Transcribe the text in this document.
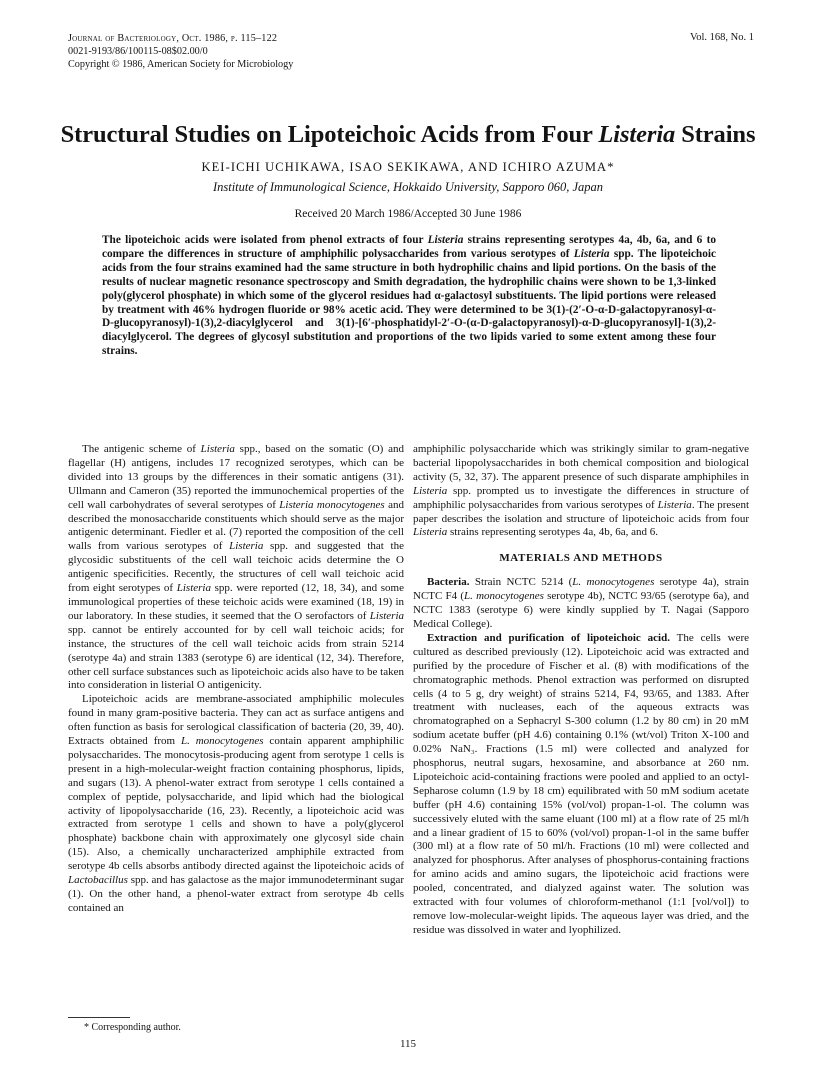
Journal of Bacteriology, Oct. 1986, p. 115–122
0021-9193/86/100115-08$02.00/0
Copyright © 1986, American Society for Microbiology
Vol. 168, No. 1
Structural Studies on Lipoteichoic Acids from Four Listeria Strains
KEI-ICHI UCHIKAWA, ISAO SEKIKAWA, AND ICHIRO AZUMA*
Institute of Immunological Science, Hokkaido University, Sapporo 060, Japan
Received 20 March 1986/Accepted 30 June 1986
The lipoteichoic acids were isolated from phenol extracts of four Listeria strains representing serotypes 4a, 4b, 6a, and 6 to compare the differences in structure of amphiphilic polysaccharides from various serotypes of Listeria spp. The lipoteichoic acids from the four strains examined had the same structure in both hydrophilic chains and lipid portions. On the basis of the results of nuclear magnetic resonance spectroscopy and Smith degradation, the hydrophilic chains were shown to be 1,3-linked poly(glycerol phosphate) in which some of the glycerol residues had α-galactosyl substituents. The lipid portions were released by treatment with 46% hydrogen fluoride or 98% acetic acid. They were determined to be 3(1)-(2′-O-α-D-galactopyranosyl-α-D-glucopyranosyl)-1(3),2-diacylglycerol and 3(1)-[6′-phosphatidyl-2′-O-(α-D-galactopyranosyl)-α-D-glucopyranosyl]-1(3),2-diacylglycerol. The degrees of glycosyl substitution and proportions of the two lipids varied to some extent among these four strains.

The antigenic scheme of Listeria spp., based on the somatic (O) and flagellar (H) antigens, includes 17 recognized serotypes, which can be divided into 13 groups by the differences in their somatic antigens (31). Ullmann and Cameron (35) reported the immunochemical properties of the cell wall carbohydrates of several serotypes of Listeria monocytogenes and described the monosaccharide constituents which should serve as the major antigenic determinant. Fiedler et al. (7) reported the composition of the cell walls from various serotypes of Listeria spp. and suggested that the glycosidic substituents of the cell wall teichoic acids determine the O antigenic specificities. Recently, the structures of cell wall teichoic acid from eight serotypes of Listeria spp. were reported (12, 18, 34), and some immunological properties of these teichoic acids were examined (18, 19) in our laboratory. In these studies, it seemed that the O serofactors of Listeria spp. cannot be entirely accounted for by cell wall teichoic acids; for instance, the structures of the cell wall teichoic acids from strain 5214 (serotype 4a) and strain 1383 (serotype 6) are identical (12, 34). Therefore, other cell surface substances such as lipoteichoic acids also have to be taken into consideration in listerial O antigenicity.

Lipoteichoic acids are membrane-associated amphiphilic molecules found in many gram-positive bacteria. They can act as surface antigens and often function as basis for serological classification of bacteria (20, 39, 40). Extracts obtained from L. monocytogenes contain apparent amphiphilic polysaccharides. The monocytosis-producing agent from serotype 1 cells is present in a high-molecular-weight fraction containing phosphorus, lipids, and sugars (13). A phenol-water extract from serotype 1 cells contained a complex of peptide, polysaccharide, and lipid which had the biological activity of lipopolysaccharide (16, 23). Recently, a lipoteichoic acid was extracted from serotype 1 cells and shown to have a poly(glycerol phosphate) backbone chain with approximately one glycosyl side chain (15). Also, a chemically uncharacterized amphiphile extracted from serotype 4b cells absorbs antibody directed against the lipoteichoic acids of Lactobacillus spp. and has galactose as the major immunodeterminant sugar (1). On the other hand, a phenol-water extract from serotype 4b cells contained an

amphiphilic polysaccharide which was strikingly similar to gram-negative bacterial lipopolysaccharides in both chemical composition and biological activity (5, 32, 37). The apparent presence of such disparate amphiphiles in Listeria spp. prompted us to investigate the differences in structure of amphiphilic polysaccharides from various serotypes of Listeria. The present paper describes the isolation and structure of lipoteichoic acids from four Listeria strains representing serotypes 4a, 4b, 6a, and 6.

MATERIALS AND METHODS

Bacteria. Strain NCTC 5214 (L. monocytogenes serotype 4a), strain NCTC F4 (L. monocytogenes serotype 4b), NCTC 93/65 (serotype 6a), and NCTC 1383 (serotype 6) were kindly supplied by T. Nagai (Sapporo Medical College).

Extraction and purification of lipoteichoic acid. The cells were cultured as described previously (12). Lipoteichoic acid was extracted and purified by the procedure of Fischer et al. (8) with modifications of the chromatographic methods. Phenol extraction was performed on disrupted cells (4 to 5 g, dry weight) of strains 5214, F4, 93/65, and 1383. After treatment with nucleases, each of the aqueous extracts was chromatographed on a Sephacryl S-300 column (1.2 by 80 cm) in 20 mM sodium acetate buffer (pH 4.6) containing 0.1% (wt/vol) Triton X-100 and 0.02% NaN₃. Fractions (1.5 ml) were collected and analyzed for phosphorus, neutral sugars, hexosamine, and absorbance at 260 nm. Lipoteichoic acid-containing fractions were pooled and applied to an octyl-Sepharose column (1.9 by 18 cm) equilibrated with 50 mM sodium acetate buffer (pH 4.6) containing 15% (vol/vol) propan-1-ol. The column was successively eluted with the same eluant (100 ml) at a flow rate of 25 ml/h and a linear gradient of 15 to 60% (vol/vol) propan-1-ol in the same buffer (300 ml) at a flow rate of 50 ml/h. Fractions (10 ml) were collected and analyzed for phosphorus. After analyses of phosphorus-containing fractions for amino acids and amino sugars, the lipoteichoic acid fractions were pooled, concentrated, and dialyzed against water. The solution was extracted with four volumes of chloroform-methanol (1:1 [vol/vol]) to remove low-molecular-weight lipids. The aqueous layer was dried, and the residue was dissolved in water and lyophilized.

* Corresponding author.
115
